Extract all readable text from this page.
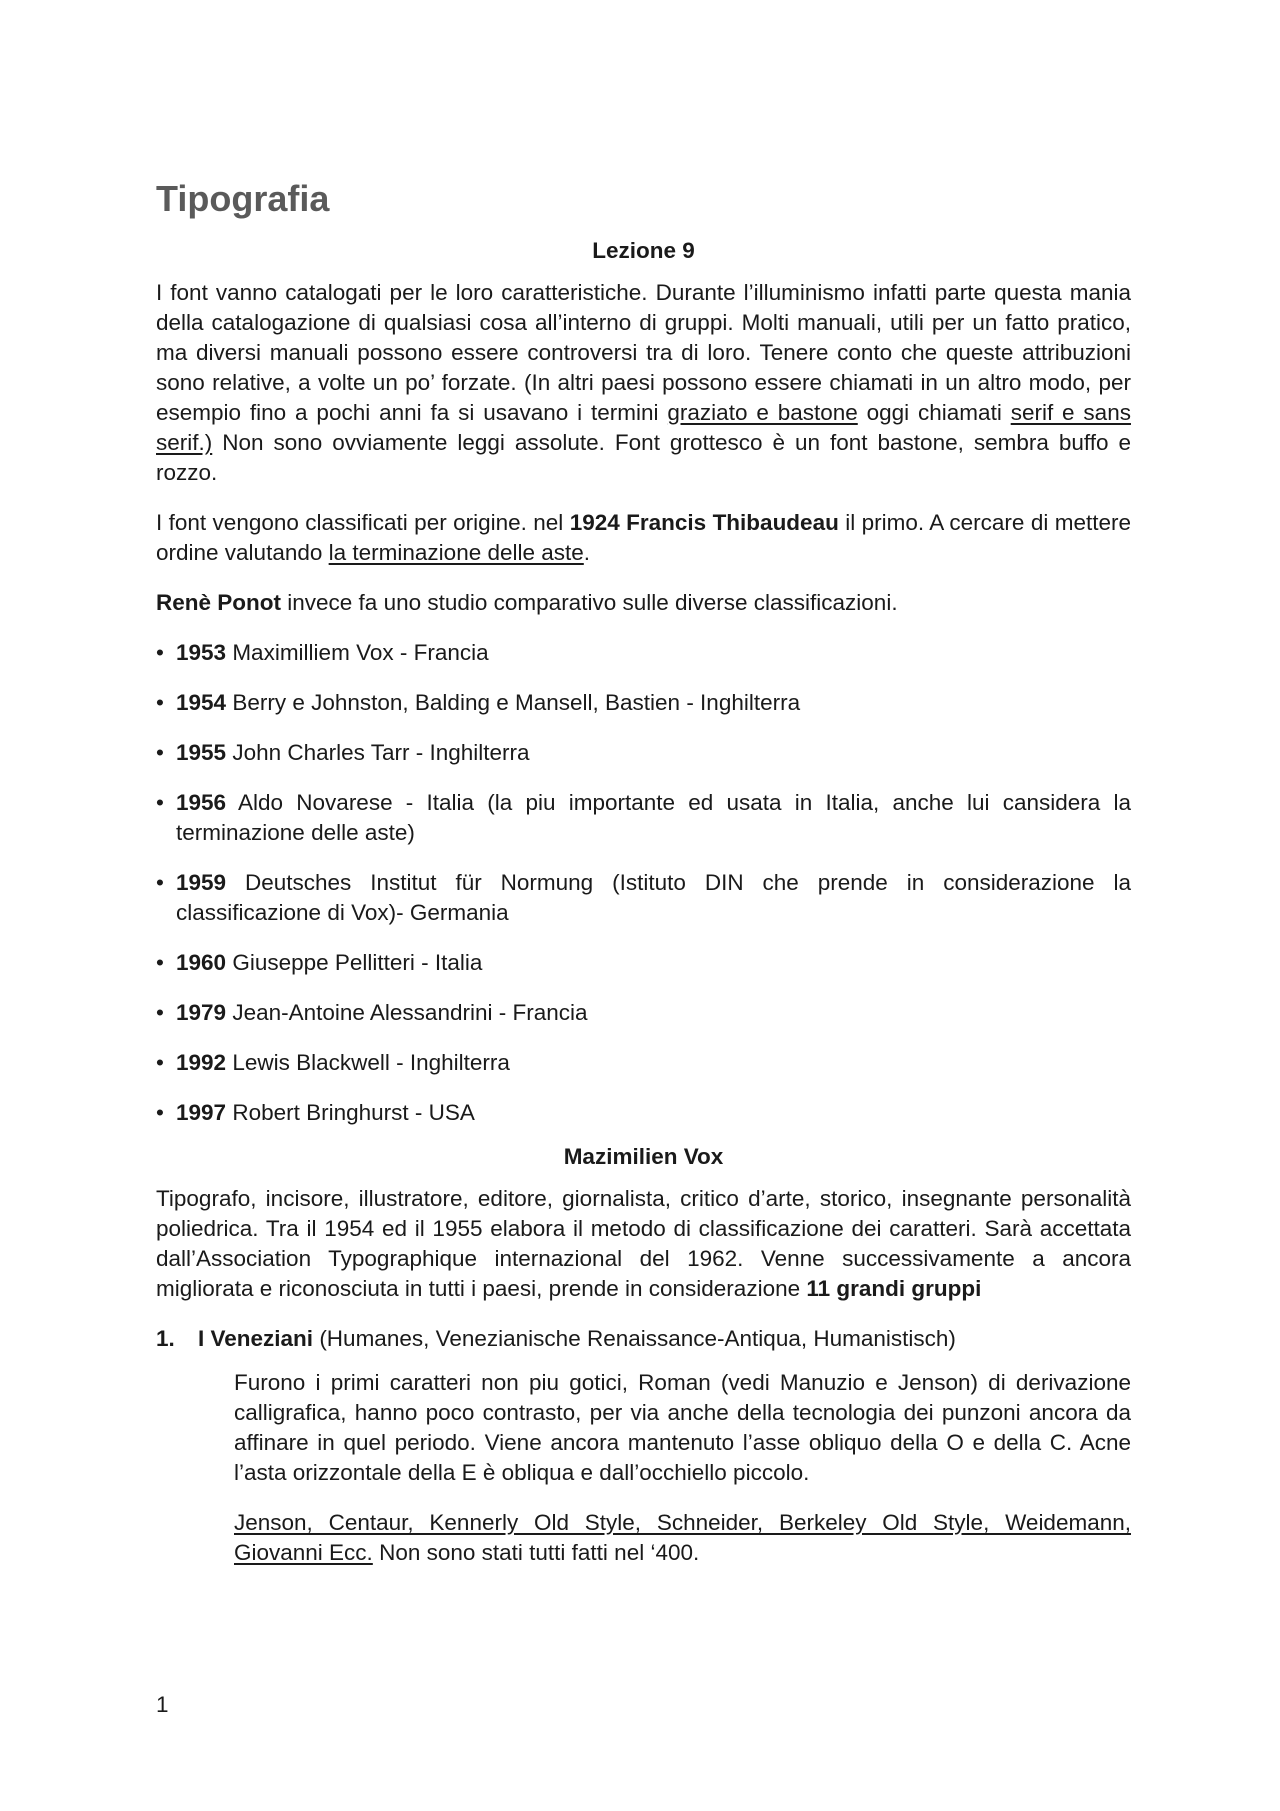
Tipografia
Lezione 9

I font vanno catalogati per le loro caratteristiche. Durante l’illuminismo infatti parte questa mania della catalogazione di qualsiasi cosa all’interno di gruppi. Molti manuali, utili per un fatto pratico, ma diversi manuali possono essere controversi tra di loro. Tenere conto che queste attribuzioni sono relative, a volte un po’ forzate. (In altri paesi possono essere chiamati in un altro modo, per esempio fino a pochi anni fa si usavano i termini graziato e bastone oggi chiamati serif e sans serif.) Non sono ovviamente leggi assolute. Font grottesco è un font bastone, sembra buffo e rozzo.

I font vengono classificati per origine. nel 1924 Francis Thibaudeau il primo. A cercare di mettere ordine valutando la terminazione delle aste.

Renè Ponot invece fa uno studio comparativo sulle diverse classificazioni.

• 1953 Maximilliem Vox - Francia
• 1954 Berry e Johnston, Balding e Mansell, Bastien - Inghilterra
• 1955 John Charles Tarr - Inghilterra
• 1956 Aldo Novarese - Italia (la piu importante ed usata in Italia, anche lui cansidera la terminazione delle aste)
• 1959 Deutsches Institut für Normung (Istituto DIN che prende in considerazione la classificazione di Vox)- Germania
• 1960 Giuseppe Pellitteri - Italia
• 1979 Jean-Antoine Alessandrini - Francia
• 1992 Lewis Blackwell - Inghilterra
• 1997 Robert Bringhurst - USA
Mazimilien Vox

Tipografo, incisore, illustratore, editore, giornalista, critico d’arte, storico, insegnante personalità poliedrica. Tra il 1954 ed il 1955 elabora il metodo di classificazione dei caratteri. Sarà accettata dall’Association Typographique internazional del 1962. Venne successivamente a ancora migliorata e riconosciuta in tutti i paesi, prende in considerazione 11 grandi gruppi

1. I Veneziani (Humanes, Venezianische Renaissance-Antiqua, Humanistisch)

Furono i primi caratteri non piu gotici, Roman (vedi Manuzio e Jenson) di derivazione calligrafica, hanno poco contrasto, per via anche della tecnologia dei punzoni ancora da affinare in quel periodo. Viene ancora mantenuto l’asse obliquo della O e della C. Acne l’asta orizzontale della E è obliqua e dall’occhiello piccolo.

Jenson, Centaur, Kennerly Old Style, Schneider, Berkeley Old Style, Weidemann, Giovanni Ecc. Non sono stati tutti fatti nel ‘400.

1
